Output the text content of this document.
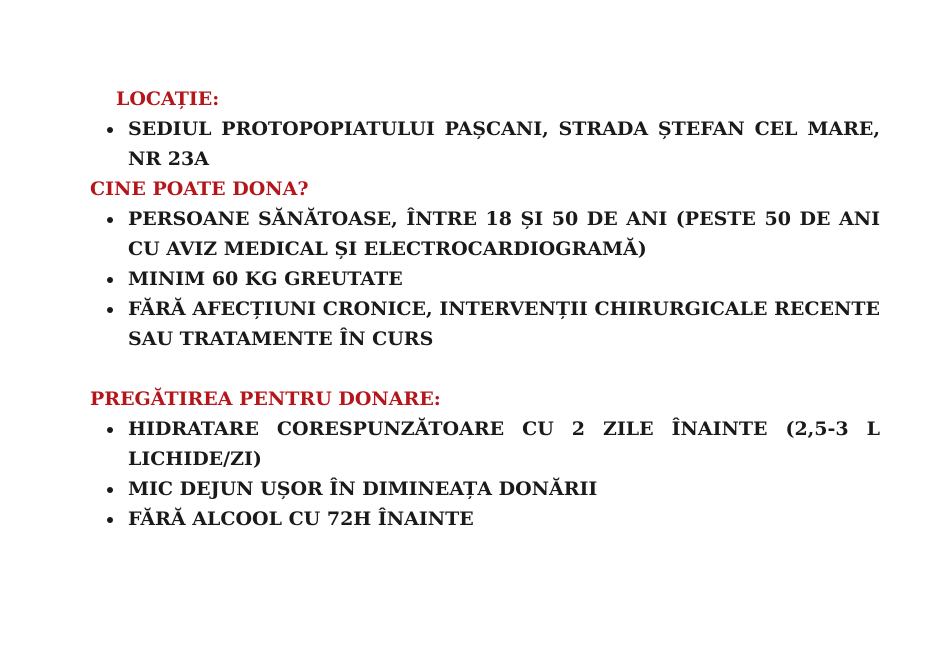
LOCAȚIE:
SEDIUL PROTOPOPIATULUI PAȘCANI, STRADA ȘTEFAN CEL MARE, NR 23A
CINE POATE DONA?
PERSOANE SĂNĂTOASE, ÎNTRE 18 ȘI 50 DE ANI (PESTE 50 DE ANI CU AVIZ MEDICAL ȘI ELECTROCARDIOGRAMĂ)
MINIM 60 KG GREUTATE
FĂRĂ AFECȚIUNI CRONICE, INTERVENȚII CHIRURGICALE RECENTE SAU TRATAMENTE ÎN CURS
PREGĂTIREA PENTRU DONARE:
HIDRATARE CORESPUNZĂTOARE CU 2 ZILE ÎNAINTE (2,5-3 L LICHIDE/ZI)
MIC DEJUN UȘOR ÎN DIMINEAȚA DONĂRII
FĂRĂ ALCOOL CU 72H ÎNAINTE
